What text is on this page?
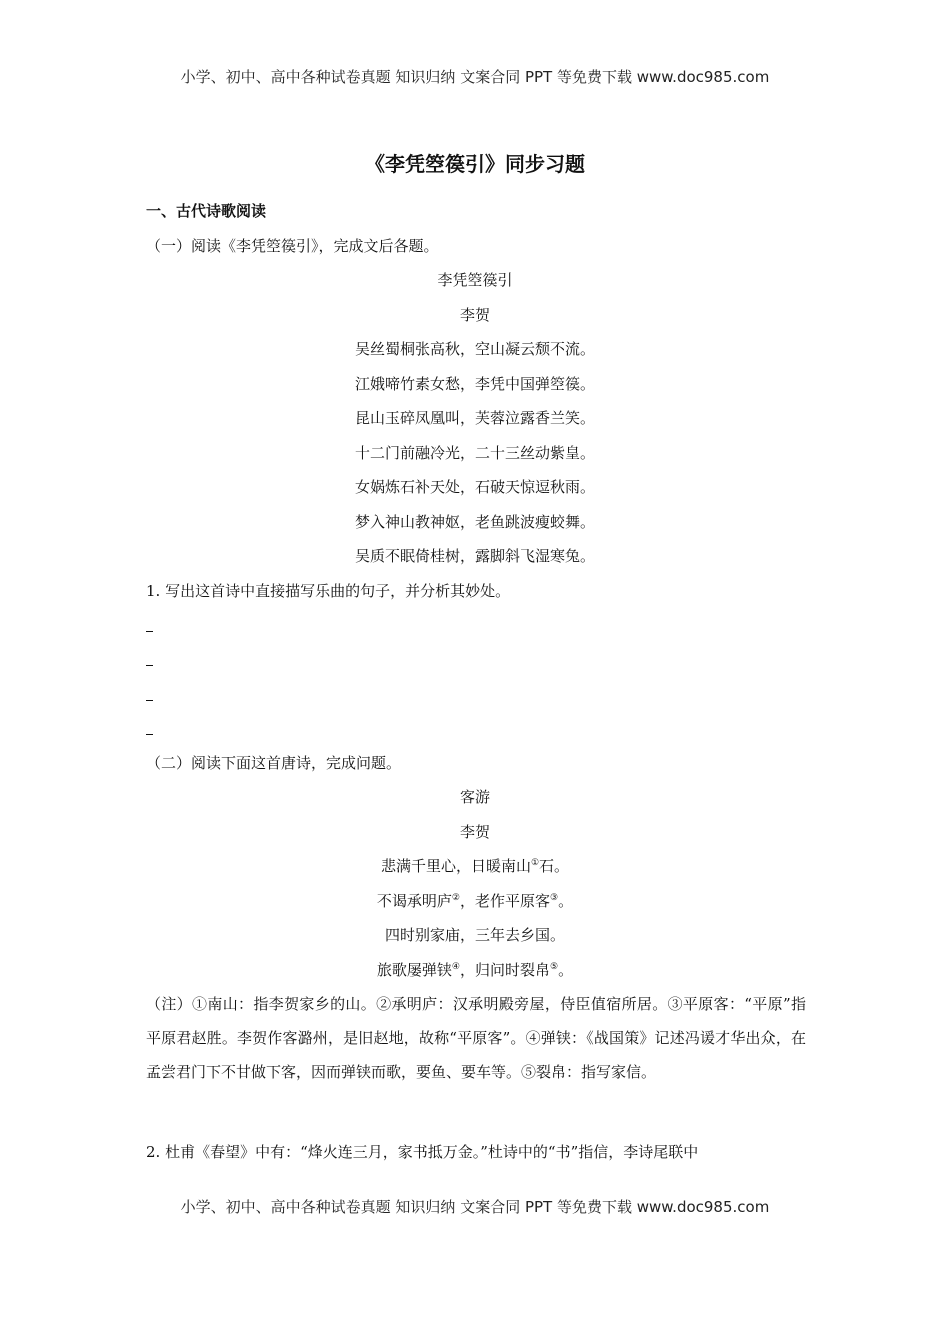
小学、初中、高中各种试卷真题 知识归纳 文案合同 PPT 等免费下载 www.doc985.com
《李凭箜篌引》同步习题
一、古代诗歌阅读
（一）阅读《李凭箜篌引》，完成文后各题。
李凭箜篌引
李贺
吴丝蜀桐张高秋，空山凝云颓不流。
江娥啼竹素女愁，李凭中国弹箜篌。
昆山玉碎凤凰叫，芙蓉泣露香兰笑。
十二门前融冷光，二十三丝动紫皇。
女娲炼石补天处，石破天惊逗秋雨。
梦入神山教神妪，老鱼跳波瘦蛟舞。
吴质不眠倚桂树，露脚斜飞湿寒兔。
1. 写出这首诗中直接描写乐曲的句子，并分析其妙处。
（二）阅读下面这首唐诗，完成问题。
客游
李贺
悲满千里心，日暖南山①石。
不谒承明庐②，老作平原客③。
四时别家庙，三年去乡国。
旅歌屡弹铗④，归问时裂帛⑤。
（注）①南山：指李贺家乡的山。②承明庐：汉承明殿旁屋，侍臣值宿所居。③平原客：“平原”指平原君赵胜。李贺作客潞州，是旧赵地，故称“平原客”。④弹铗：《战国策》记述冯谖才华出众，在孟尝君门下不甘做下客，因而弹铗而歌，要鱼、要车等。⑤裂帛：指写家信。
2. 杜甫《春望》中有：“烽火连三月，家书抵万金。”杜诗中的“书”指信，李诗尾联中
小学、初中、高中各种试卷真题 知识归纳 文案合同 PPT 等免费下载 www.doc985.com
